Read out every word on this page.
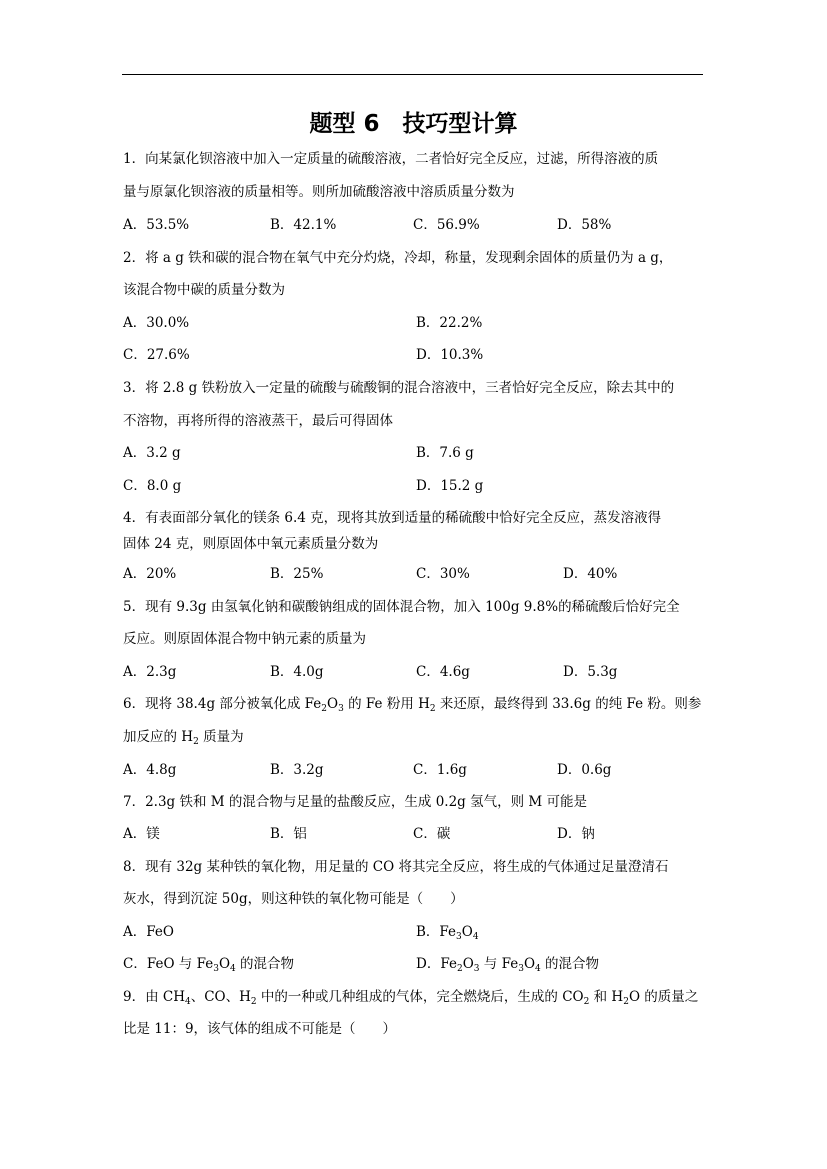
题型 6　技巧型计算
1．向某氯化钡溶液中加入一定质量的硫酸溶液，二者恰好完全反应，过滤，所得溶液的质
量与原氯化钡溶液的质量相等。则所加硫酸溶液中溶质质量分数为
A．53.5%	B．42.1%	C．56.9%	D．58%
2．将 a g 铁和碳的混合物在氧气中充分灼烧，冷却，称量，发现剩余固体的质量仍为 a g，
该混合物中碳的质量分数为
A．30.0%	B．22.2%
C．27.6%	D．10.3%
3．将 2.8 g 铁粉放入一定量的硫酸与硫酸铜的混合溶液中，三者恰好完全反应，除去其中的
不溶物，再将所得的溶液蒸干，最后可得固体
A．3.2 g	B．7.6 g
C．8.0 g	D．15.2 g
4．有表面部分氧化的镁条 6.4 克，现将其放到适量的稀硫酸中恰好完全反应，蒸发溶液得
固体 24 克，则原固体中氧元素质量分数为
A．20%	B．25%	C．30%	D．40%
5．现有 9.3g 由氢氧化钠和碳酸钠组成的固体混合物，加入 100g 9.8%的稀硫酸后恰好完全
反应。则原固体混合物中钠元素的质量为
A．2.3g	B．4.0g	C．4.6g	D．5.3g
6．现将 38.4g 部分被氧化成 $Fe_2O_3$ 的 Fe 粉用 $H_2$ 来还原，最终得到 33.6g 的纯 Fe 粉。则参
加反应的 $H_2$ 质量为
A．4.8g	B．3.2g	C．1.6g	D．0.6g
7．2.3g 铁和 M 的混合物与足量的盐酸反应，生成 0.2g 氢气，则 M 可能是
A．镁	B．铝	C．碳	D．钠
8．现有 32g 某种铁的氧化物，用足量的 CO 将其完全反应，将生成的气体通过足量澄清石
灰水，得到沉淀 50g，则这种铁的氧化物可能是（　　）
A．FeO	B．$Fe_3O_4$
C．FeO 与 $Fe_3O_4$ 的混合物	D．$Fe_2O_3$ 与 $Fe_3O_4$ 的混合物
9．由 $CH_4$、CO、$H_2$ 中的一种或几种组成的气体，完全燃烧后，生成的 $CO_2$ 和 $H_2O$ 的质量之
比是 11：9，该气体的组成不可能是（　　）
